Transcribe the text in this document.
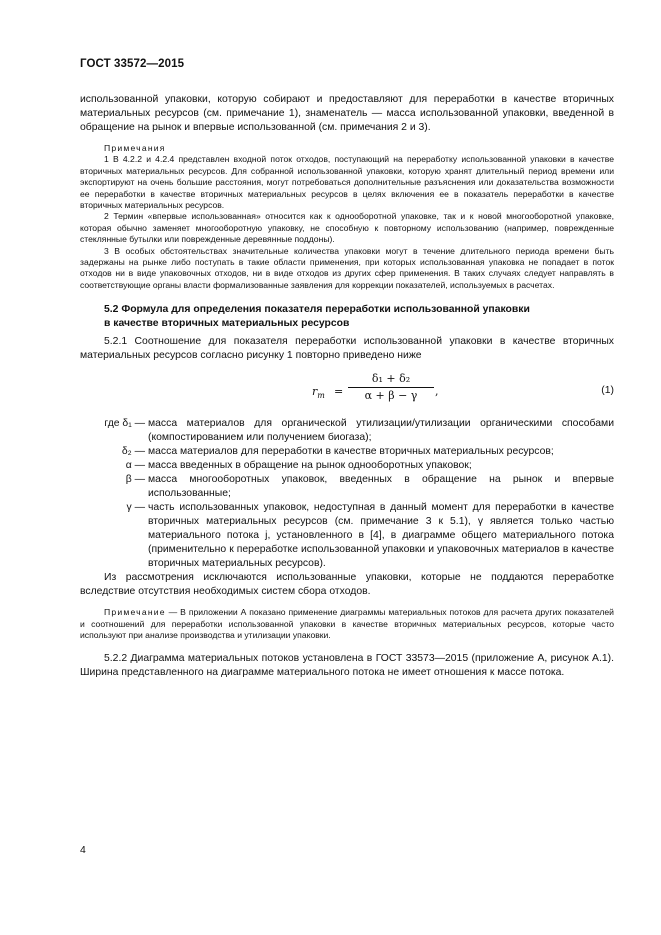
ГОСТ 33572—2015

использованной упаковки, которую собирают и предоставляют для переработки в качестве вторичных материальных ресурсов (см. примечание 1), знаменатель — масса использованной упаковки, введенной в обращение на рынок и впервые использованной (см. примечания 2 и 3).

Примечания

1 В 4.2.2 и 4.2.4 представлен входной поток отходов, поступающий на переработку использованной упаковки в качестве вторичных материальных ресурсов. Для собранной использованной упаковки, которую хранят длительный период времени или экспортируют на очень большие расстояния, могут потребоваться дополнительные разъяснения или доказательства возможности ее переработки в качестве вторичных материальных ресурсов в целях включения ее в показатель переработки в качестве вторичных материальных ресурсов.

2 Термин «впервые использованная» относится как к однооборотной упаковке, так и к новой многооборотной упаковке, которая обычно заменяет многооборотную упаковку, не способную к повторному использованию (например, поврежденные стеклянные бутылки или поврежденные деревянные поддоны).

3 В особых обстоятельствах значительные количества упаковки могут в течение длительного периода времени быть задержаны на рынке либо поступать в такие области применения, при которых использованная упаковка не попадает в поток отходов ни в виде упаковочных отходов, ни в виде отходов из других сфер применения. В таких случаях следует направлять в соответствующие органы власти формализованные заявления для коррекции показателей, используемых в расчетах.

5.2 Формула для определения показателя переработки использованной упаковки
в качестве вторичных материальных ресурсов

5.2.1 Соотношение для показателя переработки использованной упаковки в качестве вторичных материальных ресурсов согласно рисунку 1 повторно приведено ниже

$r_m = \frac{\text{δ₁ + δ₂}}{\alpha + \beta - \gamma}$ ,	(1)
где δ₁ — масса материалов для органической утилизации/утилизации органическими способами (компостированием или получением биогаза);
δ₂ — масса материалов для переработки в качестве вторичных материальных ресурсов;
α — масса введенных в обращение на рынок однооборотных упаковок;
β — масса многооборотных упаковок, введенных в обращение на рынок и впервые использованные;
γ — часть использованных упаковок, недоступная в данный момент для переработки в качестве вторичных материальных ресурсов (см. примечание 3 к 5.1), γ является только частью материального потока j, установленного в [4], в диаграмме общего материального потока (применительно к переработке использованной упаковки и упаковочных материалов в качестве вторичных материальных ресурсов).

Из рассмотрения исключаются использованные упаковки, которые не поддаются переработке вследствие отсутствия необходимых систем сбора отходов.

Примечание — В приложении А показано применение диаграммы материальных потоков для расчета других показателей и соотношений для переработки использованной упаковки в качестве вторичных материальных ресурсов, которые часто используют при анализе производства и утилизации упаковки.

5.2.2 Диаграмма материальных потоков установлена в ГОСТ 33573—2015 (приложение А, рисунок А.1). Ширина представленного на диаграмме материального потока не имеет отношения к массе потока.

4
